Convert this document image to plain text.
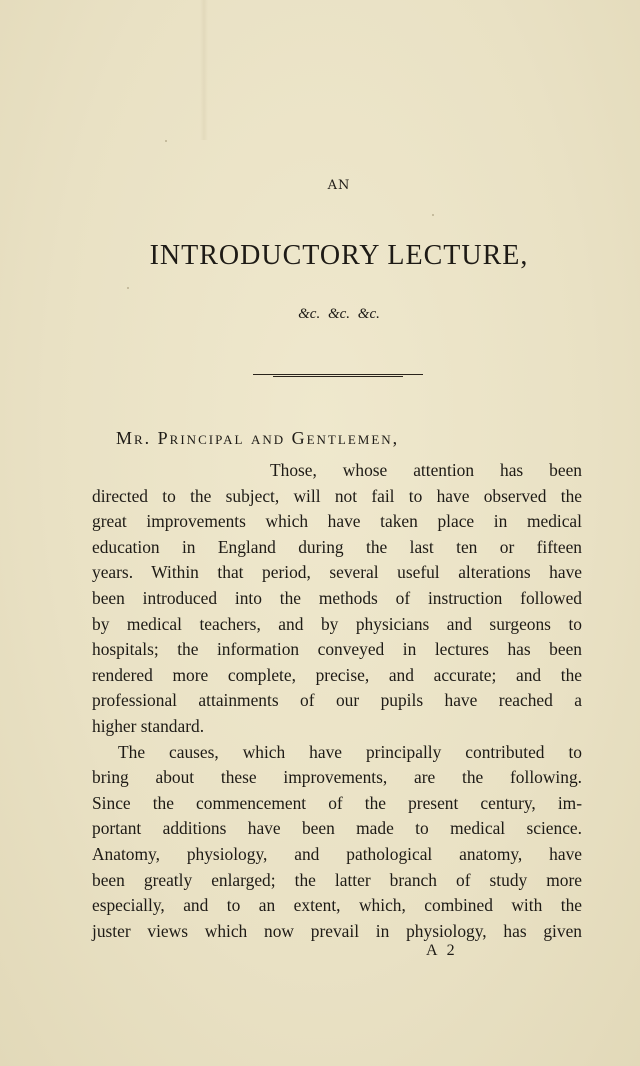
AN
INTRODUCTORY LECTURE,
&c. &c. &c.
Mr. Principal and Gentlemen,
Those, whose attention has been
directed to the subject, will not fail to have observed the
great improvements which have taken place in medical
education in England during the last ten or fifteen
years. Within that period, several useful alterations have
been introduced into the methods of instruction followed
by medical teachers, and by physicians and surgeons to
hospitals; the information conveyed in lectures has been
rendered more complete, precise, and accurate; and the
professional attainments of our pupils have reached a
higher standard.
The causes, which have principally contributed to
bring about these improvements, are the following.
Since the commencement of the present century, im-
portant additions have been made to medical science.
Anatomy, physiology, and pathological anatomy, have
been greatly enlarged; the latter branch of study more
especially, and to an extent, which, combined with the
juster views which now prevail in physiology, has given
A 2
